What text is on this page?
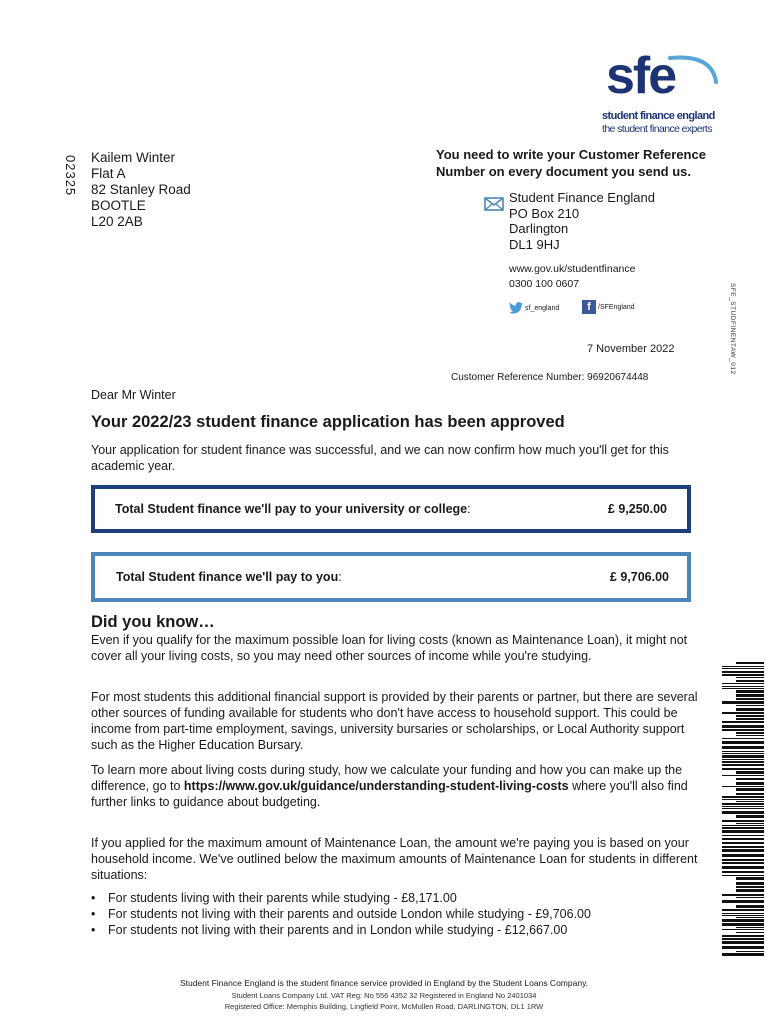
sfe
student finance england
the student finance experts
02325
SFE_STUDFINENTAW_012
Kailem Winter
Flat A
82 Stanley Road
BOOTLE
L20 2AB
You need to write your Customer Reference Number on every document you send us.
Student Finance England
PO Box 210
Darlington
DL1 9HJ
www.gov.uk/studentfinance
0300 100 0607
sf_england	f	/SFEngland
7 November 2022
Customer Reference Number: 96920674448
Dear Mr Winter
Your 2022/23 student finance application has been approved
Your application for student finance was successful, and we can now confirm how much you'll get for this academic year.
Total Student finance we'll pay to your university or college:	£ 9,250.00
Total Student finance we'll pay to you:	£ 9,706.00
Did you know…
Even if you qualify for the maximum possible loan for living costs (known as Maintenance Loan), it might not cover all your living costs, so you may need other sources of income while you're studying.
For most students this additional financial support is provided by their parents or partner, but there are several other sources of funding available for students who don't have access to household support. This could be income from part-time employment, savings, university bursaries or scholarships, or Local Authority support such as the Higher Education Bursary.
To learn more about living costs during study, how we calculate your funding and how you can make up the difference, go to https://www.gov.uk/guidance/understanding-student-living-costs where you'll also find further links to guidance about budgeting.
If you applied for the maximum amount of Maintenance Loan, the amount we're paying you is based on your household income. We've outlined below the maximum amounts of Maintenance Loan for students in different situations:
• For students living with their parents while studying - £8,171.00
• For students not living with their parents and outside London while studying - £9,706.00
• For students not living with their parents and in London while studying - £12,667.00
Student Finance England is the student finance service provided in England by the Student Loans Company.
Student Loans Company Ltd. VAT Reg: No 556 4352 32 Registered in England No 2401034
Registered Office: Memphis Building, Lingfield Point, McMullen Road, DARLINGTON, DL1 1RW
